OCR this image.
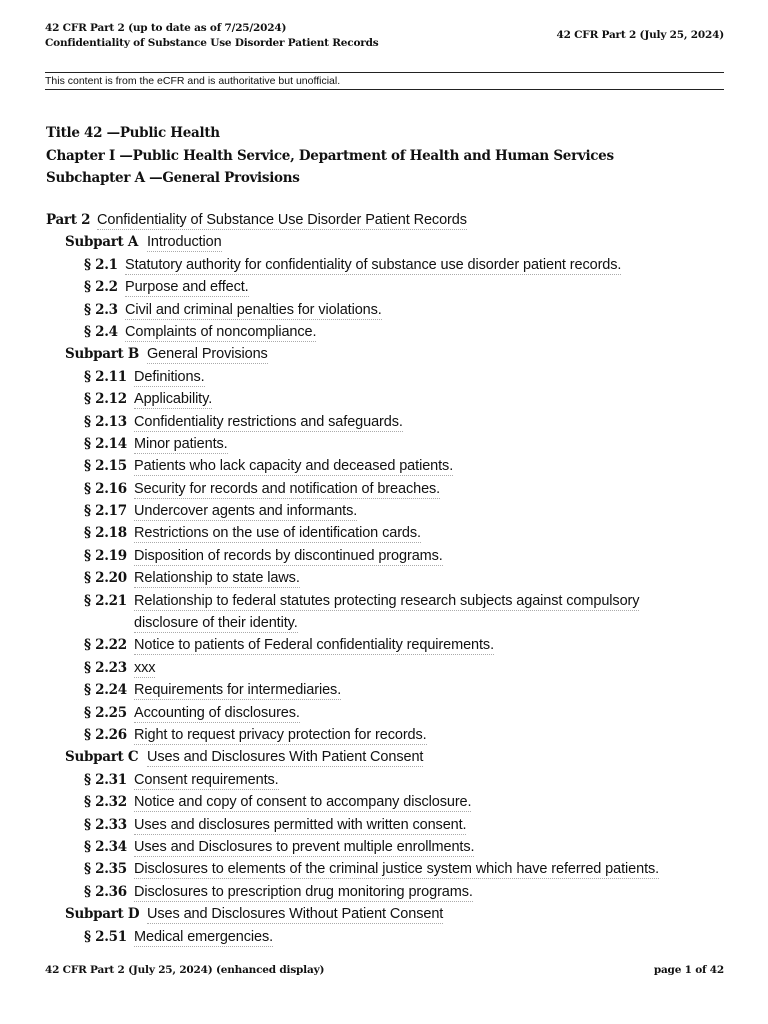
42 CFR Part 2 (up to date as of 7/25/2024)
Confidentiality of Substance Use Disorder Patient Records
42 CFR Part 2 (July 25, 2024)
This content is from the eCFR and is authoritative but unofficial.
Title 42 —Public Health
Chapter I —Public Health Service, Department of Health and Human Services
Subchapter A —General Provisions
Part 2 Confidentiality of Substance Use Disorder Patient Records
Subpart A Introduction
§ 2.1 Statutory authority for confidentiality of substance use disorder patient records.
§ 2.2 Purpose and effect.
§ 2.3 Civil and criminal penalties for violations.
§ 2.4 Complaints of noncompliance.
Subpart B General Provisions
§ 2.11 Definitions.
§ 2.12 Applicability.
§ 2.13 Confidentiality restrictions and safeguards.
§ 2.14 Minor patients.
§ 2.15 Patients who lack capacity and deceased patients.
§ 2.16 Security for records and notification of breaches.
§ 2.17 Undercover agents and informants.
§ 2.18 Restrictions on the use of identification cards.
§ 2.19 Disposition of records by discontinued programs.
§ 2.20 Relationship to state laws.
§ 2.21 Relationship to federal statutes protecting research subjects against compulsory disclosure of their identity.
§ 2.22 Notice to patients of Federal confidentiality requirements.
§ 2.23 xxx
§ 2.24 Requirements for intermediaries.
§ 2.25 Accounting of disclosures.
§ 2.26 Right to request privacy protection for records.
Subpart C Uses and Disclosures With Patient Consent
§ 2.31 Consent requirements.
§ 2.32 Notice and copy of consent to accompany disclosure.
§ 2.33 Uses and disclosures permitted with written consent.
§ 2.34 Uses and Disclosures to prevent multiple enrollments.
§ 2.35 Disclosures to elements of the criminal justice system which have referred patients.
§ 2.36 Disclosures to prescription drug monitoring programs.
Subpart D Uses and Disclosures Without Patient Consent
§ 2.51 Medical emergencies.
42 CFR Part 2 (July 25, 2024) (enhanced display)	page 1 of 42
